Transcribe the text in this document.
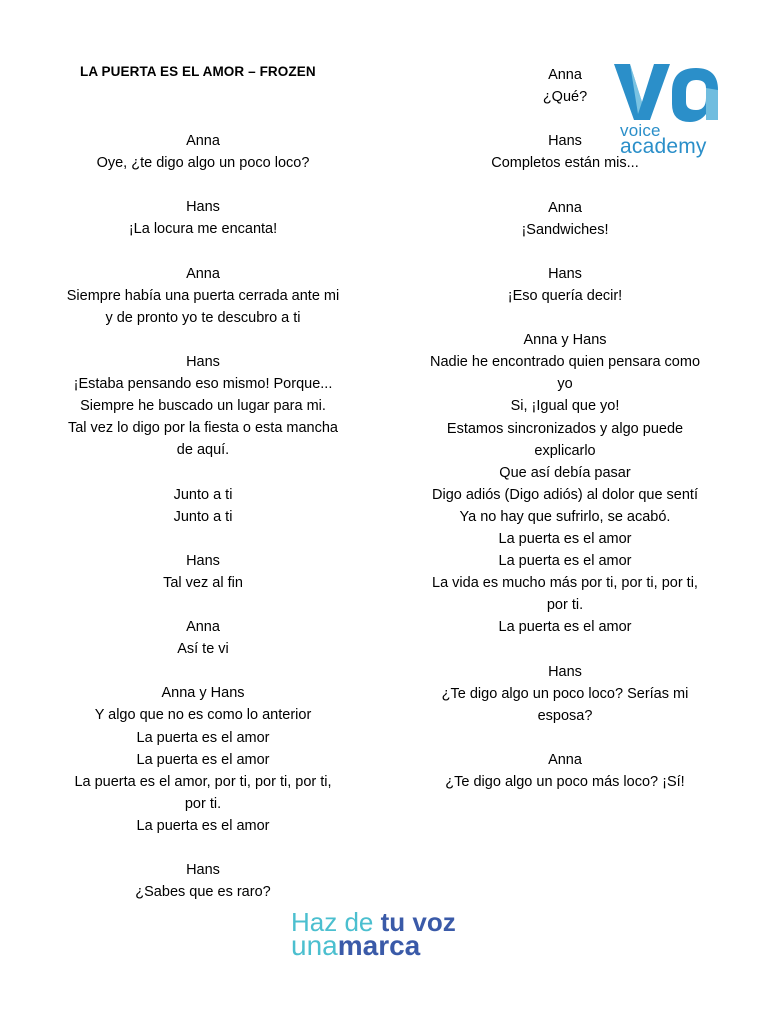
LA PUERTA ES EL AMOR – FROZEN
voice
academy
Anna
Oye, ¿te digo algo un poco loco?
Hans
¡La locura me encanta!
Anna
Siempre había una puerta cerrada ante mi
y de pronto yo te descubro a ti
Hans
¡Estaba pensando eso mismo! Porque...
Siempre he buscado un lugar para mi.
Tal vez lo digo por la fiesta o esta mancha
de aquí.
Junto a ti
Junto a ti
Hans
Tal vez al fin
Anna
Así te vi
Anna y Hans
Y algo que no es como lo anterior
La puerta es el amor
La puerta es el amor
La puerta es el amor, por ti, por ti, por ti,
por ti.
La puerta es el amor
Hans
¿Sabes que es raro?
Anna
¿Qué?
Hans
Completos están mis...
Anna
¡Sandwiches!
Hans
¡Eso quería decir!
Anna y Hans
Nadie he encontrado quien pensara como
yo
Si, ¡Igual que yo!
Estamos sincronizados y algo puede
explicarlo
Que así debía pasar
Digo adiós (Digo adiós) al dolor que sentí
Ya no hay que sufrirlo, se acabó.
La puerta es el amor
La puerta es el amor
La vida es mucho más por ti, por ti, por ti,
por ti.
La puerta es el amor
Hans
¿Te digo algo un poco loco? Serías mi
esposa?
Anna
¿Te digo algo un poco más loco? ¡Sí!
Haz de tu voz
unamarca
